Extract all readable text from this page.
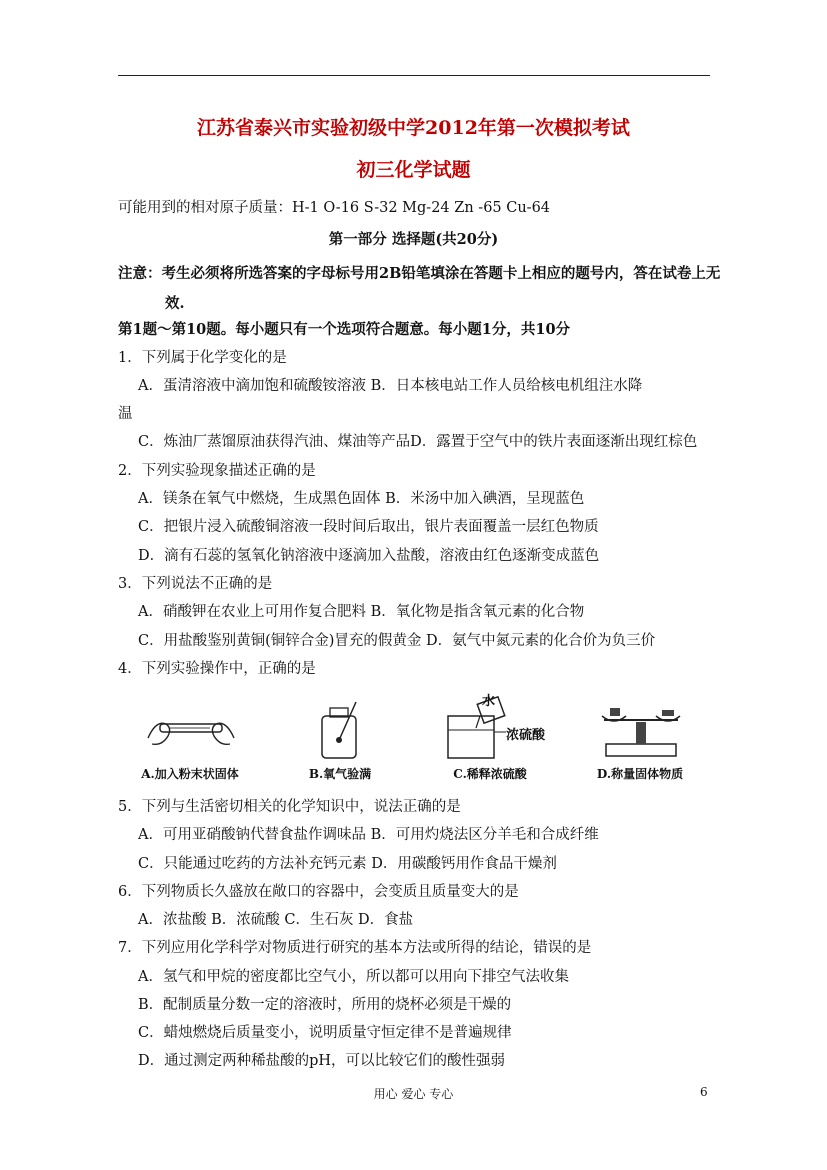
江苏省泰兴市实验初级中学2012年第一次模拟考试
初三化学试题
可能用到的相对原子质量：H-1 O-16 S-32 Mg-24 Zn -65 Cu-64
第一部分 选择题(共20分)
注意：考生必须将所选答案的字母标号用2B铅笔填涂在答题卡上相应的题号内，答在试卷上无
效.
第1题～第10题。每小题只有一个选项符合题意。每小题1分，共10分
1．下列属于化学变化的是
A．蛋清溶液中滴加饱和硫酸铵溶液 B．日本核电站工作人员给核电机组注水降
温
C．炼油厂蒸馏原油获得汽油、煤油等产品D．露置于空气中的铁片表面逐渐出现红棕色
2．下列实验现象描述正确的是
A．镁条在氧气中燃烧，生成黑色固体 B．米汤中加入碘酒，呈现蓝色
C．把银片浸入硫酸铜溶液一段时间后取出，银片表面覆盖一层红色物质
D．滴有石蕊的氢氧化钠溶液中逐滴加入盐酸，溶液由红色逐渐变成蓝色
3．下列说法不正确的是
A．硝酸钾在农业上可用作复合肥料 B．氧化物是指含氧元素的化合物
C．用盐酸鉴别黄铜(铜锌合金)冒充的假黄金 D．氨气中氮元素的化合价为负三价
4．下列实验操作中，正确的是
A.加入粉末状固体	B.氧气验满
水
浓硫酸
C.稀释浓硫酸	D.称量固体物质
5．下列与生活密切相关的化学知识中，说法正确的是
A．可用亚硝酸钠代替食盐作调味品 B．可用灼烧法区分羊毛和合成纤维
C．只能通过吃药的方法补充钙元素 D．用碳酸钙用作食品干燥剂
6．下列物质长久盛放在敞口的容器中，会变质且质量变大的是
A．浓盐酸 B．浓硫酸 C．生石灰 D．食盐
7．下列应用化学科学对物质进行研究的基本方法或所得的结论，错误的是
A．氢气和甲烷的密度都比空气小，所以都可以用向下排空气法收集
B．配制质量分数一定的溶液时，所用的烧杯必须是干燥的
C．蜡烛燃烧后质量变小，说明质量守恒定律不是普遍规律
D．通过测定两种稀盐酸的pH，可以比较它们的酸性强弱
用心 爱心 专心	6
